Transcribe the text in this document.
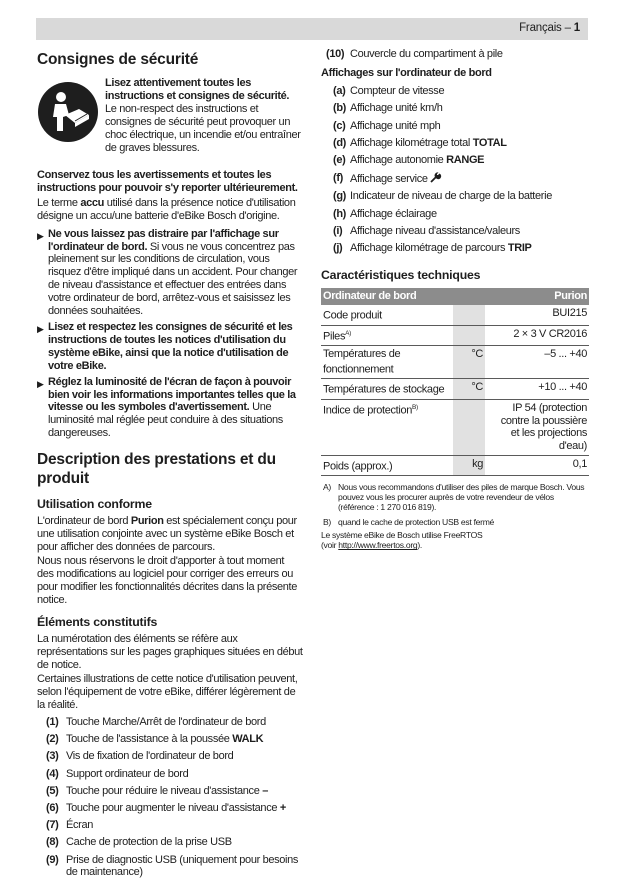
Français – 1
Consignes de sécurité
Lisez attentivement toutes les instructions et consignes de sécurité. Le non-respect des instructions et consignes de sécurité peut provoquer un choc électrique, un incendie et/ou entraîner de graves blessures.
Conservez tous les avertissements et toutes les instructions pour pouvoir s'y reporter ultérieurement.
Le terme accu utilisé dans la présence notice d'utilisation désigne un accu/une batterie d'eBike Bosch d'origine.
▶ Ne vous laissez pas distraire par l'affichage sur l'ordinateur de bord. Si vous ne vous concentrez pas pleinement sur les conditions de circulation, vous risquez d'être impliqué dans un accident. Pour changer de niveau d'assistance et effectuer des entrées dans votre ordinateur de bord, arrêtez-vous et saisissez les données souhaitées.
▶ Lisez et respectez les consignes de sécurité et les instructions de toutes les notices d'utilisation du système eBike, ainsi que la notice d'utilisation de votre eBike.
▶ Réglez la luminosité de l'écran de façon à pouvoir bien voir les informations importantes telles que la vitesse ou les symboles d'avertissement. Une luminosité mal réglée peut conduire à des situations dangereuses.
Description des prestations et du produit
Utilisation conforme
L'ordinateur de bord Purion est spécialement conçu pour une utilisation conjointe avec un système eBike Bosch et pour afficher des données de parcours.
Nous nous réservons le droit d'apporter à tout moment des modifications au logiciel pour corriger des erreurs ou pour modifier les fonctionnalités décrites dans la présente notice.
Éléments constitutifs
La numérotation des éléments se réfère aux représentations sur les pages graphiques situées en début de notice.
Certaines illustrations de cette notice d'utilisation peuvent, selon l'équipement de votre eBike, différer légèrement de la réalité.
(1) Touche Marche/Arrêt de l'ordinateur de bord
(2) Touche de l'assistance à la poussée WALK
(3) Vis de fixation de l'ordinateur de bord
(4) Support ordinateur de bord
(5) Touche pour réduire le niveau d'assistance –
(6) Touche pour augmenter le niveau d'assistance +
(7) Écran
(8) Cache de protection de la prise USB
(9) Prise de diagnostic USB (uniquement pour besoins de maintenance)
(10) Couvercle du compartiment à pile
Affichages sur l'ordinateur de bord
(a) Compteur de vitesse
(b) Affichage unité km/h
(c) Affichage unité mph
(d) Affichage kilométrage total TOTAL
(e) Affichage autonomie RANGE
(f) Affichage service
(g) Indicateur de niveau de charge de la batterie
(h) Affichage éclairage
(i) Affichage niveau d'assistance/valeurs
(j) Affichage kilométrage de parcours TRIP
Caractéristiques techniques
Ordinateur de bord		Purion
Code produit		BUI215
Piles$^{A)}$		2 × 3 V CR2016
Températures de fonctionnement	°C	–5 ... +40
Températures de stockage	°C	+10 ... +40
Indice de protection$^{B)}$		IP 54 (protection contre la poussière et les projections d'eau)
Poids (approx.)	kg	0,1
A) Nous vous recommandons d'utiliser des piles de marque Bosch. Vous pouvez vous les procurer auprès de votre revendeur de vélos (référence : 1 270 016 819).
B) quand le cache de protection USB est fermé
Le système eBike de Bosch utilise FreeRTOS
(voir http://www.freertos.org).
